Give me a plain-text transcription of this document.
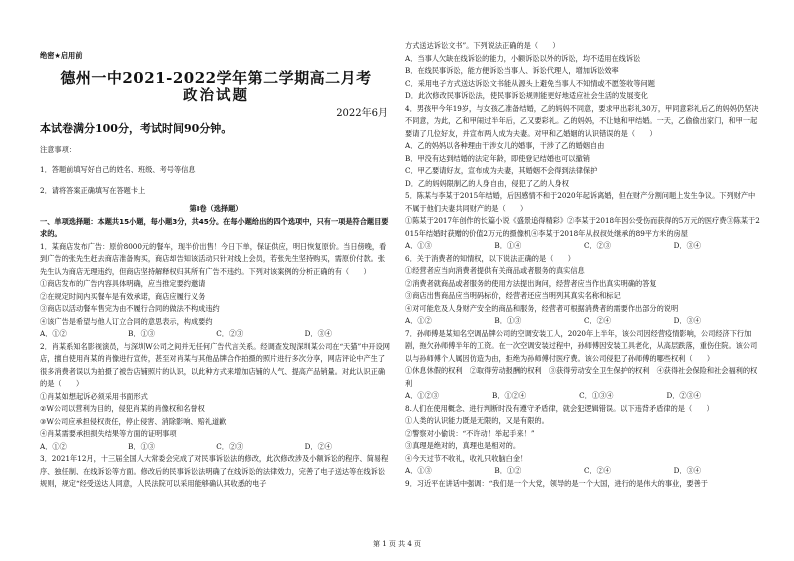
绝密★启用前
德州一中2021-2022学年第二学期高二月考
政治试题
2022年6月
本试卷满分100分，考试时间90分钟。
注意事项：
1．答题前填写好自己的姓名、班级、考号等信息
2．请将答案正确填写在答题卡上
第Ⅰ卷（选择题）
一、单项选择题：本题共15小题，每小题3分，共45分。在每小题给出的四个选项中，只有一项是符合题目要求的。
1．某商店发布广告：原价8000元的餐车，现半价出售！今日下单，保证供应，明日恢复原价。当日傍晚，看到广告的张先生赶去商店准备购买，商店却告知该活动只针对线上会员，若张先生坚持购买，需原价付款。张先生认为商店无理违约，但商店坚持解释权归其所有广告不违约。下列对该案例的分析正确的有（　　）
①商店发布的广告内容具体明确，应当推定要约邀请
②在规定时间内买餐车是有效承诺，商店应履行义务
③商店以活动餐车售完为由不履行合同的做法不构成违约
④该广告是希望与他人订立合同的意思表示，构成要约
A．①②	B．①③	C．②③	D．③④
2．肖某系知名影视演员，与深圳W公司之间并无任何广告代言关系。经调查发现深圳某公司在“天猫”中开设网店，擅自使用肖某的肖像进行宣传，甚至对肖某与其他品牌合作拍摄的照片进行多次分享，网店评论中产生了很多消费者误以为拍摄了被告店铺照片的认识，以此种方式来增加店铺的人气、提高产品销量。对此认识正确的是（　　）
①肖某如想起诉必须采用书面形式
②W公司以营利为目的，侵犯肖某的肖像权和名誉权
③W公司应承担侵权责任，停止侵害、消除影响、赔礼道歉
④肖某需要承担损失结果等方面的证明事项
A．①②	B．①③	C．②③	D．②④
3．2021年12月，十三届全国人大常委会完成了对民事诉讼法的修改，此次修改涉及小额诉讼的程序、简易程序、独任制、在线诉讼等方面。修改后的民事诉讼法明确了在线诉讼的法律效力，完善了电子送达等在线诉讼规则，规定“经受送达人同意，人民法院可以采用能够确认其收悉的电子
方式送达诉讼文书”。下列说法正确的是（　　）
A．当事人欠缺在线诉讼的能力，小额诉讼以外的诉讼，均不适用在线诉讼
B．在线民事诉讼，能方便诉讼当事人、诉讼代理人，增加诉讼效率
C．采用电子方式送达诉讼文书能从源头上避免当事人不知情或不愿签收等问题
D．此次修改民事诉讼法，使民事诉讼规则能更好地适应社会生活的发展变化
4．男孩甲今年19岁，与女孩乙准备结婚，乙的妈妈不同意，要求甲出彩礼30万，甲同意彩礼后乙的妈妈仍坚决不同意，为此，乙和甲闹过半年后，乙又要彩礼。乙的妈妈，不让她和甲结婚。一天，乙偷偷出家门，和甲一起要请了几位好友，并宣布两人成为夫妻。对甲和乙婚姻的认识错误的是（　　）
A．乙的妈妈以各种理由干涉女儿的婚事，干涉了乙的婚姻自由
B．甲没有达到结婚的法定年龄，即使登记结婚也可以撤销
C．甲乙要请好友，宣布成为夫妻，其婚姻不会得到法律保护
D．乙的妈妈限制乙的人身自由，侵犯了乙的人身权
5．陈某与李某于2015年结婚，后因感情不和于2020年起诉离婚，但在财产分割问题上发生争议。下列财产中不属于他们夫妻共同财产的是（　　）
①陈某于2017年创作的长篇小说《盛景追得精彩》②李某于2018年因公受伤而获得的5万元的医疗费③陈某于2015年结婚时获赠的价值2万元的摄像机④李某于2018年从叔叔处继承的89平方米的房屋
A．①③	B．①④	C．②③	D．③④
6．关于消费者的知情权，以下说法正确的是（　　）
①经营者应当向消费者提供有关商品或者服务的真实信息
②消费者就商品或者服务的使用方法提出询问，经营者应当作出真实明确的答复
③商店出售商品应当明码标价，经营者还应当明列其真实名称和标记
④对可能危及人身财产安全的商品和服务，经营者可根据消费者的需要作出部分的说明
A．①②	B．①③	C．②④	D．③④
7．孙师傅是某知名空调品牌公司的空调安装工人，2020年上半年，该公司因经营疫情影响，公司经济下行加剧，拖欠孙师傅半年的工资。在一次空调安装过程中，孙师傅因安装工具老化，从高层跌落，重伤住院。该公司以与孙师傅个人属因仿造为由，拒绝为孙师傅付医疗费。该公司侵犯了孙师傅的哪些权利（　　）
①休息休假的权利　②取得劳动报酬的权利　③获得劳动安全卫生保护的权利　④获得社会保险和社会福利的权利
A．①②③	B．①②④	C．①③④	D．②③④
8.人们在使用概念、进行判断时没有遵守矛盾律，就会犯逻辑错误。以下违背矛盾律的是（　　）
①人类的认识能力既是无限的，又是有限的。
②警察对小偷说：“不许动！举起手来！”
③真理是绝对的，真理也是相对的。
④今天过节不收礼，收礼只收脑白金！
A．①③	B．①②	C．②④	D．③④
9．习近平在讲话中强调：“我们是一个大党，领导的是一个大国，进行的是伟大的事业，要善于
第 1 页 共 4 页
